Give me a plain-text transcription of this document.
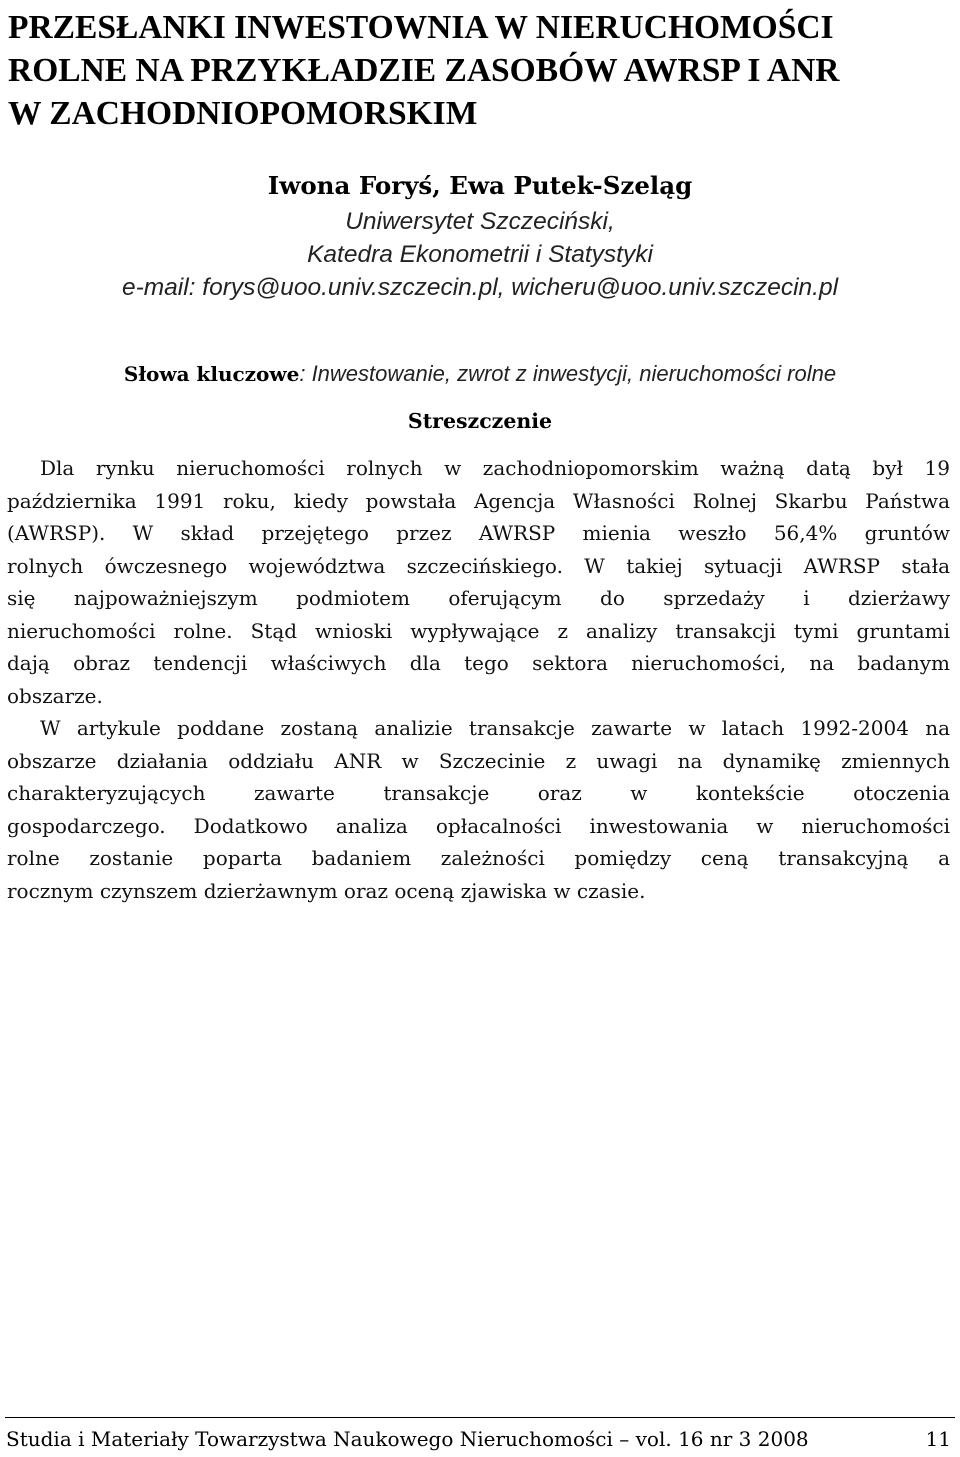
PRZESŁANKI INWESTOWNIA W NIERUCHOMOŚCI
ROLNE NA PRZYKŁADZIE ZASOBÓW AWRSP I ANR
W ZACHODNIOPOMORSKIM
Iwona Foryś, Ewa Putek-Szeląg
Uniwersytet Szczeciński,
Katedra Ekonometrii i Statystyki
e-mail: forys@uoo.univ.szczecin.pl, wicheru@uoo.univ.szczecin.pl
Słowa kluczowe: Inwestowanie, zwrot z inwestycji, nieruchomości rolne
Streszczenie

Dla rynku nieruchomości rolnych w zachodniopomorskim ważną datą był 19
października 1991 roku, kiedy powstała Agencja Własności Rolnej Skarbu Państwa
(AWRSP). W skład przejętego przez AWRSP mienia weszło 56,4% gruntów
rolnych ówczesnego województwa szczecińskiego. W takiej sytuacji AWRSP stała
się najpoważniejszym podmiotem oferującym do sprzedaży i dzierżawy
nieruchomości rolne. Stąd wnioski wypływające z analizy transakcji tymi gruntami
dają obraz tendencji właściwych dla tego sektora nieruchomości, na badanym
obszarze.

W artykule poddane zostaną analizie transakcje zawarte w latach 1992-2004 na
obszarze działania oddziału ANR w Szczecinie z uwagi na dynamikę zmiennych
charakteryzujących zawarte transakcje oraz w kontekście otoczenia
gospodarczego. Dodatkowo analiza opłacalności inwestowania w nieruchomości
rolne zostanie poparta badaniem zależności pomiędzy ceną transakcyjną a
rocznym czynszem dzierżawnym oraz oceną zjawiska w czasie.

Studia i Materiały Towarzystwa Naukowego Nieruchomości – vol. 16 nr 3 2008	11
